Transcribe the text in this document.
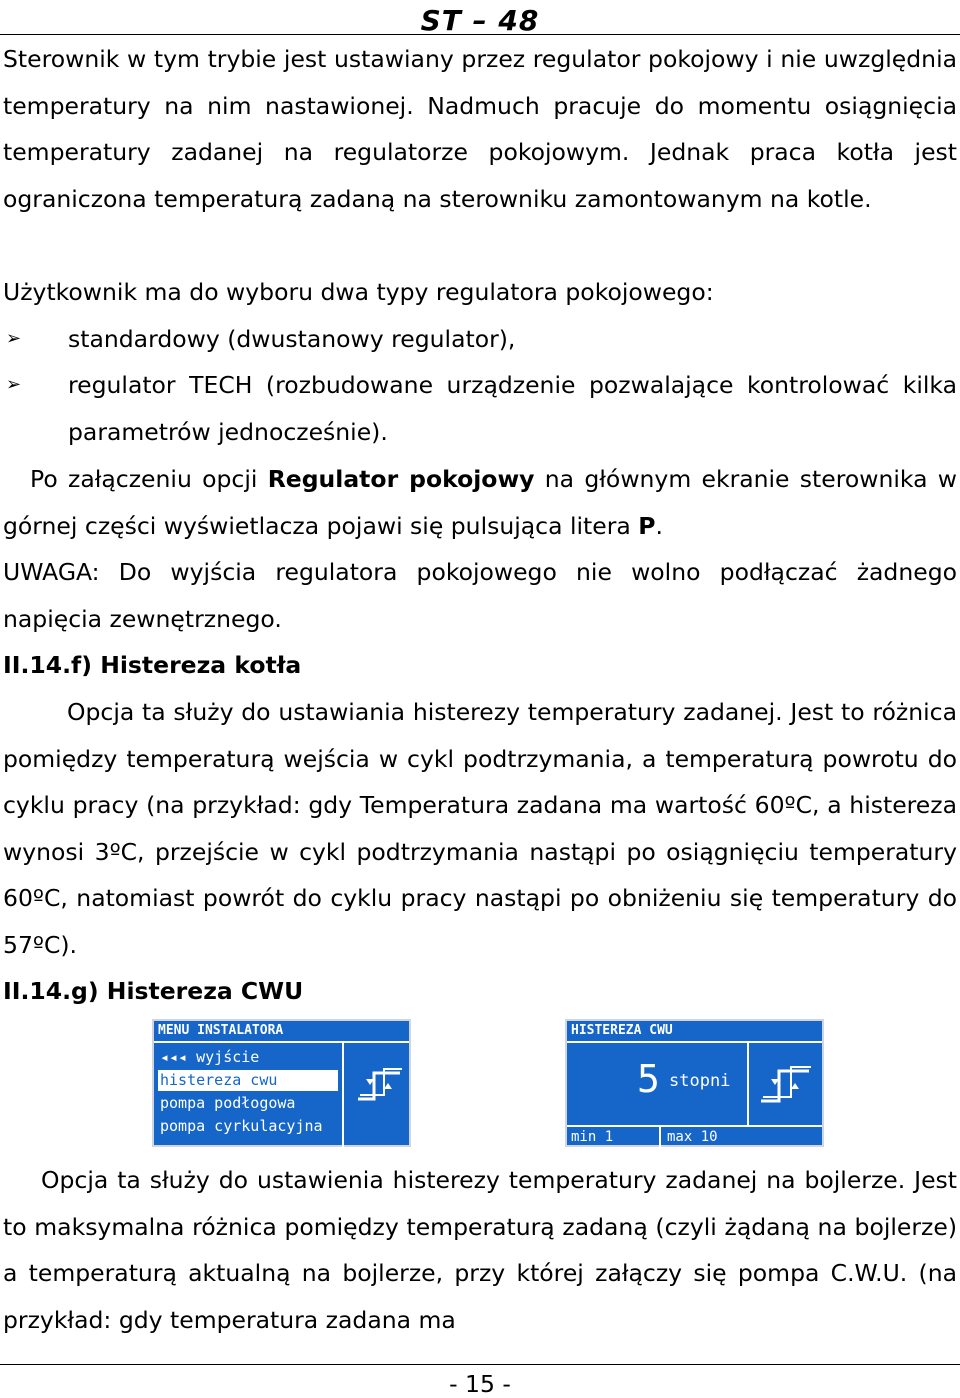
ST – 48

Sterownik w tym trybie jest ustawiany przez regulator pokojowy i nie uwzględnia temperatury na nim nastawionej. Nadmuch pracuje do momentu osiągnięcia temperatury zadanej na regulatorze pokojowym. Jednak praca kotła jest ograniczona temperaturą zadaną na sterowniku zamontowanym na kotle.

Użytkownik ma do wyboru dwa typy regulatora pokojowego:

➢ standardowy (dwustanowy regulator),
➢ regulator TECH (rozbudowane urządzenie pozwalające kontrolować kilka parametrów jednocześnie).

Po załączeniu opcji Regulator pokojowy na głównym ekranie sterownika w górnej części wyświetlacza pojawi się pulsująca litera P.

UWAGA: Do wyjścia regulatora pokojowego nie wolno podłączać żadnego napięcia zewnętrznego.

II.14.f) Histereza kotła

Opcja ta służy do ustawiania histerezy temperatury zadanej. Jest to różnica pomiędzy temperaturą wejścia w cykl podtrzymania, a temperaturą powrotu do cyklu pracy (na przykład: gdy Temperatura zadana ma wartość 60ºC, a histereza wynosi 3ºC, przejście w cykl podtrzymania nastąpi po osiągnięciu temperatury 60ºC, natomiast powrót do cyklu pracy nastąpi po obniżeniu się temperatury do 57ºC).

II.14.g) Histereza CWU

MENU INSTALATORA
◂◂◂ wyjście
histereza cwu
pompa podłogowa
pompa cyrkulacyjna
HISTEREZA CWU
5 stopni
min 1	max 10

Opcja ta służy do ustawienia histerezy temperatury zadanej na bojlerze. Jest to maksymalna różnica pomiędzy temperaturą zadaną (czyli żądaną na bojlerze) a temperaturą aktualną na bojlerze, przy której załączy się pompa C.W.U. (na przykład: gdy temperatura zadana ma

- 15 -
